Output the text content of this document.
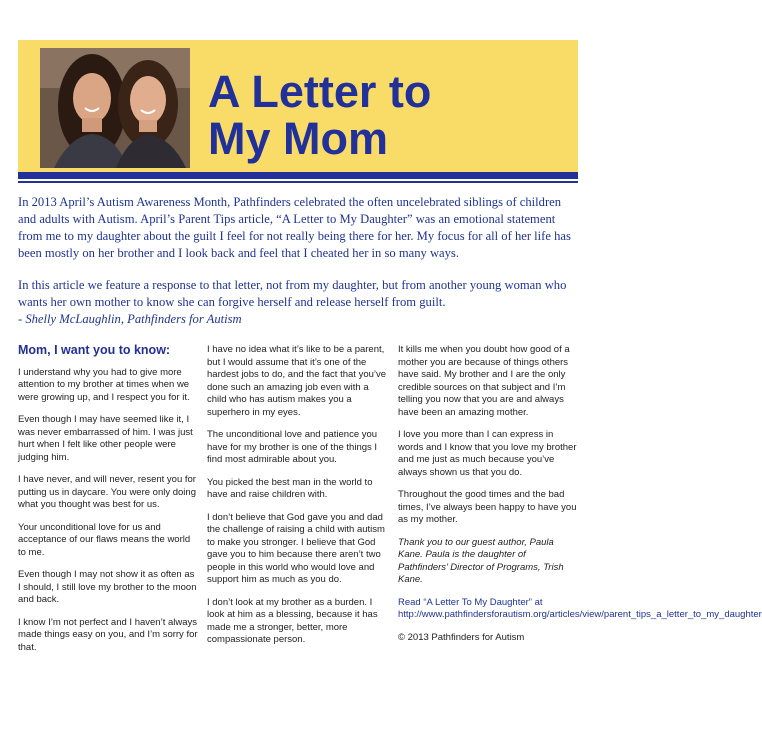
A Letter to
My Mom

In 2013 April’s Autism Awareness Month, Pathfinders celebrated the often uncelebrated siblings of children and adults with Autism. April’s Parent Tips article, “A Letter to My Daughter” was an emotional statement from me to my daughter about the guilt I feel for not really being there for her. My focus for all of her life has been mostly on her brother and I look back and feel that I cheated her in so many ways.

In this article we feature a response to that letter, not from my daughter, but from another young woman who wants her own mother to know she can forgive herself and release herself from guilt.
- Shelly McLaughlin, Pathfinders for Autism

Mom, I want you to know:

I understand why you had to give more attention to my brother at times when we were growing up, and I respect you for it.

Even though I may have seemed like it, I was never embarrassed of him. I was just hurt when I felt like other people were judging him.

I have never, and will never, resent you for putting us in daycare. You were only doing what you thought was best for us.

Your unconditional love for us and acceptance of our flaws means the world to me.

Even though I may not show it as often as I should, I still love my brother to the moon and back.

I know I’m not perfect and I haven’t always made things easy on you, and I’m sorry for that.

I have no idea what it’s like to be a parent, but I would assume that it’s one of the hardest jobs to do, and the fact that you’ve done such an amazing job even with a child who has autism makes you a superhero in my eyes.

The unconditional love and patience you have for my brother is one of the things I find most admirable about you.

You picked the best man in the world to have and raise children with.

I don’t believe that God gave you and dad the challenge of raising a child with autism to make you stronger. I believe that God gave you to him because there aren’t two people in this world who would love and support him as much as you do.

I don’t look at my brother as a burden. I look at him as a blessing, because it has made me a stronger, better, more compassionate person.

It kills me when you doubt how good of a mother you are because of things others have said. My brother and I are the only credible sources on that subject and I’m telling you now that you are and always have been an amazing mother.

I love you more than I can express in words and I know that you love my brother and me just as much because you’ve always shown us that you do.

Throughout the good times and the bad times, I’ve always been happy to have you as my mother.

Thank you to our guest author, Paula Kane. Paula is the daughter of Pathfinders’ Director of Programs, Trish Kane.

Read “A Letter To My Daughter” at http://www.pathfindersforautism.org/articles/view/parent_tips_a_letter_to_my_daughter

© 2013 Pathfinders for Autism
